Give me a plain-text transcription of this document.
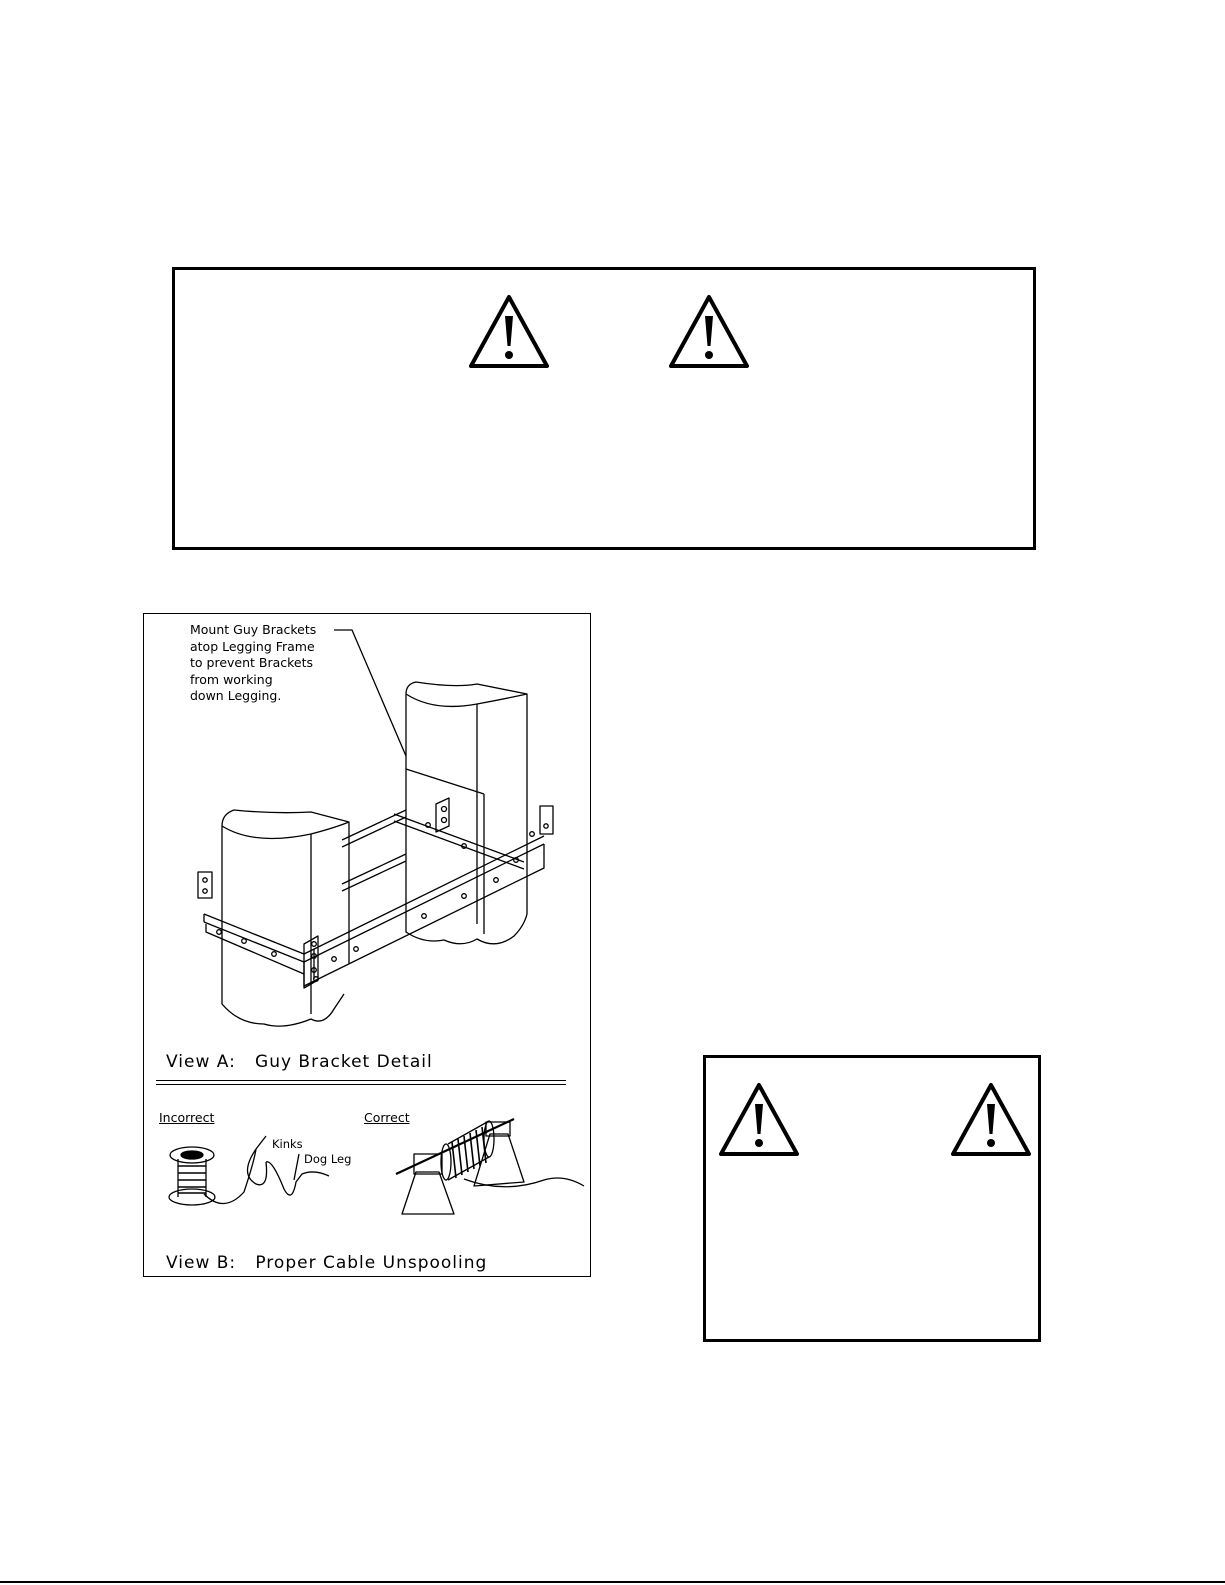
Mount Guy Brackets
atop Legging Frame
to prevent Brackets
from working
down Legging.
View A:   Guy Bracket Detail
Incorrect	Correct
Kinks
Dog Leg
View B:   Proper Cable Unspooling
